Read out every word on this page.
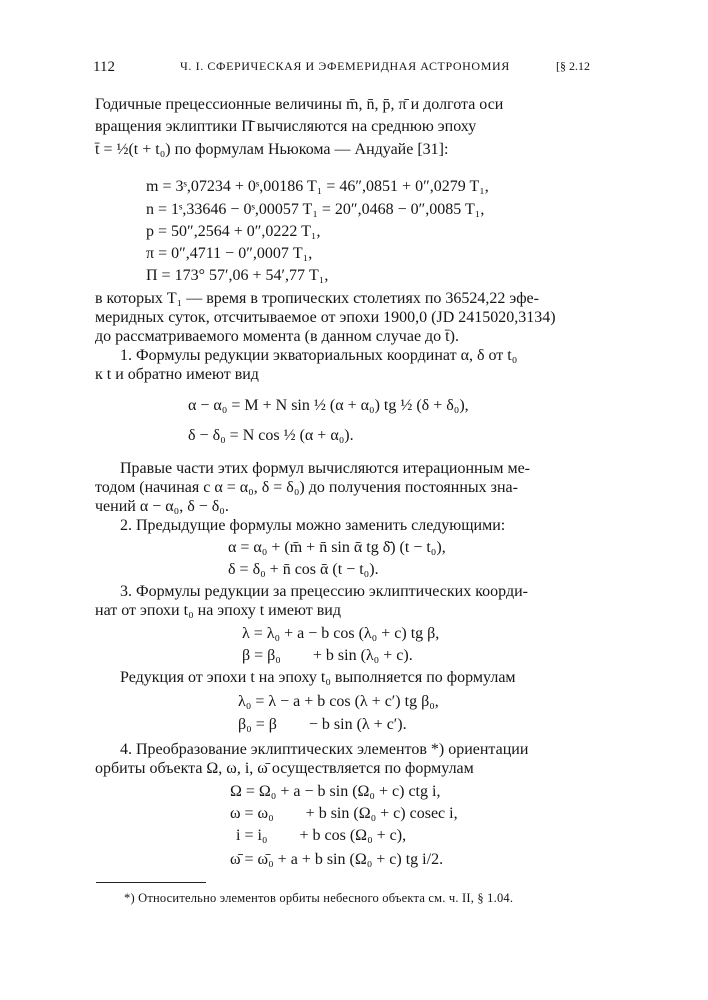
112	Ч. I. СФЕРИЧЕСКАЯ И ЭФЕМЕРИДНАЯ АСТРОНОМИЯ	[§ 2.12
Годичные прецессионные величины m̄, n̄, p̄, π̄ и долгота оси
вращения эклиптики Π̄ вычисляются на среднюю эпоху
t̄ = ½(t + t₀) по формулам Ньюкома — Андуайе [31]:
m = 3ˢ,07234 + 0ˢ,00186 T₁ = 46″,0851 + 0″,0279 T₁,
n = 1ˢ,33646 − 0ˢ,00057 T₁ = 20″,0468 − 0″,0085 T₁,
p = 50″,2564 + 0″,0222 T₁,
π = 0″,4711 − 0″,0007 T₁,
Π = 173° 57′,06 + 54′,77 T₁,
в которых T₁ — время в тропических столетиях по 36524,22 эфе-
меридных суток, отсчитываемое от эпохи 1900,0 (JD 2415020,3134)
до рассматриваемого момента (в данном случае до t̄).
1. Формулы редукции экваториальных координат α, δ от t₀
к t и обратно имеют вид
α − α₀ = M + N sin ½ (α + α₀) tg ½ (δ + δ₀),
δ − δ₀ = N cos ½ (α + α₀).
Правые части этих формул вычисляются итерационным ме-
тодом (начиная с α = α₀, δ = δ₀) до получения постоянных зна-
чений α − α₀, δ − δ₀.
2. Предыдущие формулы можно заменить следующими:
α = α₀ + (m̄ + n̄ sin ᾱ tg δ̄) (t − t₀),
δ = δ₀ + n̄ cos ᾱ (t − t₀).
3. Формулы редукции за прецессию эклиптических коорди-
нат от эпохи t₀ на эпоху t имеют вид
λ = λ₀ + a − b cos (λ₀ + c) tg β,
β = β₀        + b sin (λ₀ + c).
Редукция от эпохи t на эпоху t₀ выполняется по формулам
λ₀ = λ − a + b cos (λ + c′) tg β₀,
β₀ = β        − b sin (λ + c′).
4. Преобразование эклиптических элементов *) ориентации
орбиты объекта Ω, ω, i, ω̄ осуществляется по формулам
Ω = Ω₀ + a − b sin (Ω₀ + c) ctg i,
ω = ω₀        + b sin (Ω₀ + c) cosec i,
i = i₀        + b cos (Ω₀ + c),
ω̄ = ω̄₀ + a + b sin (Ω₀ + c) tg i/2.
*) Относительно элементов орбиты небесного объекта см. ч. II, § 1.04.
